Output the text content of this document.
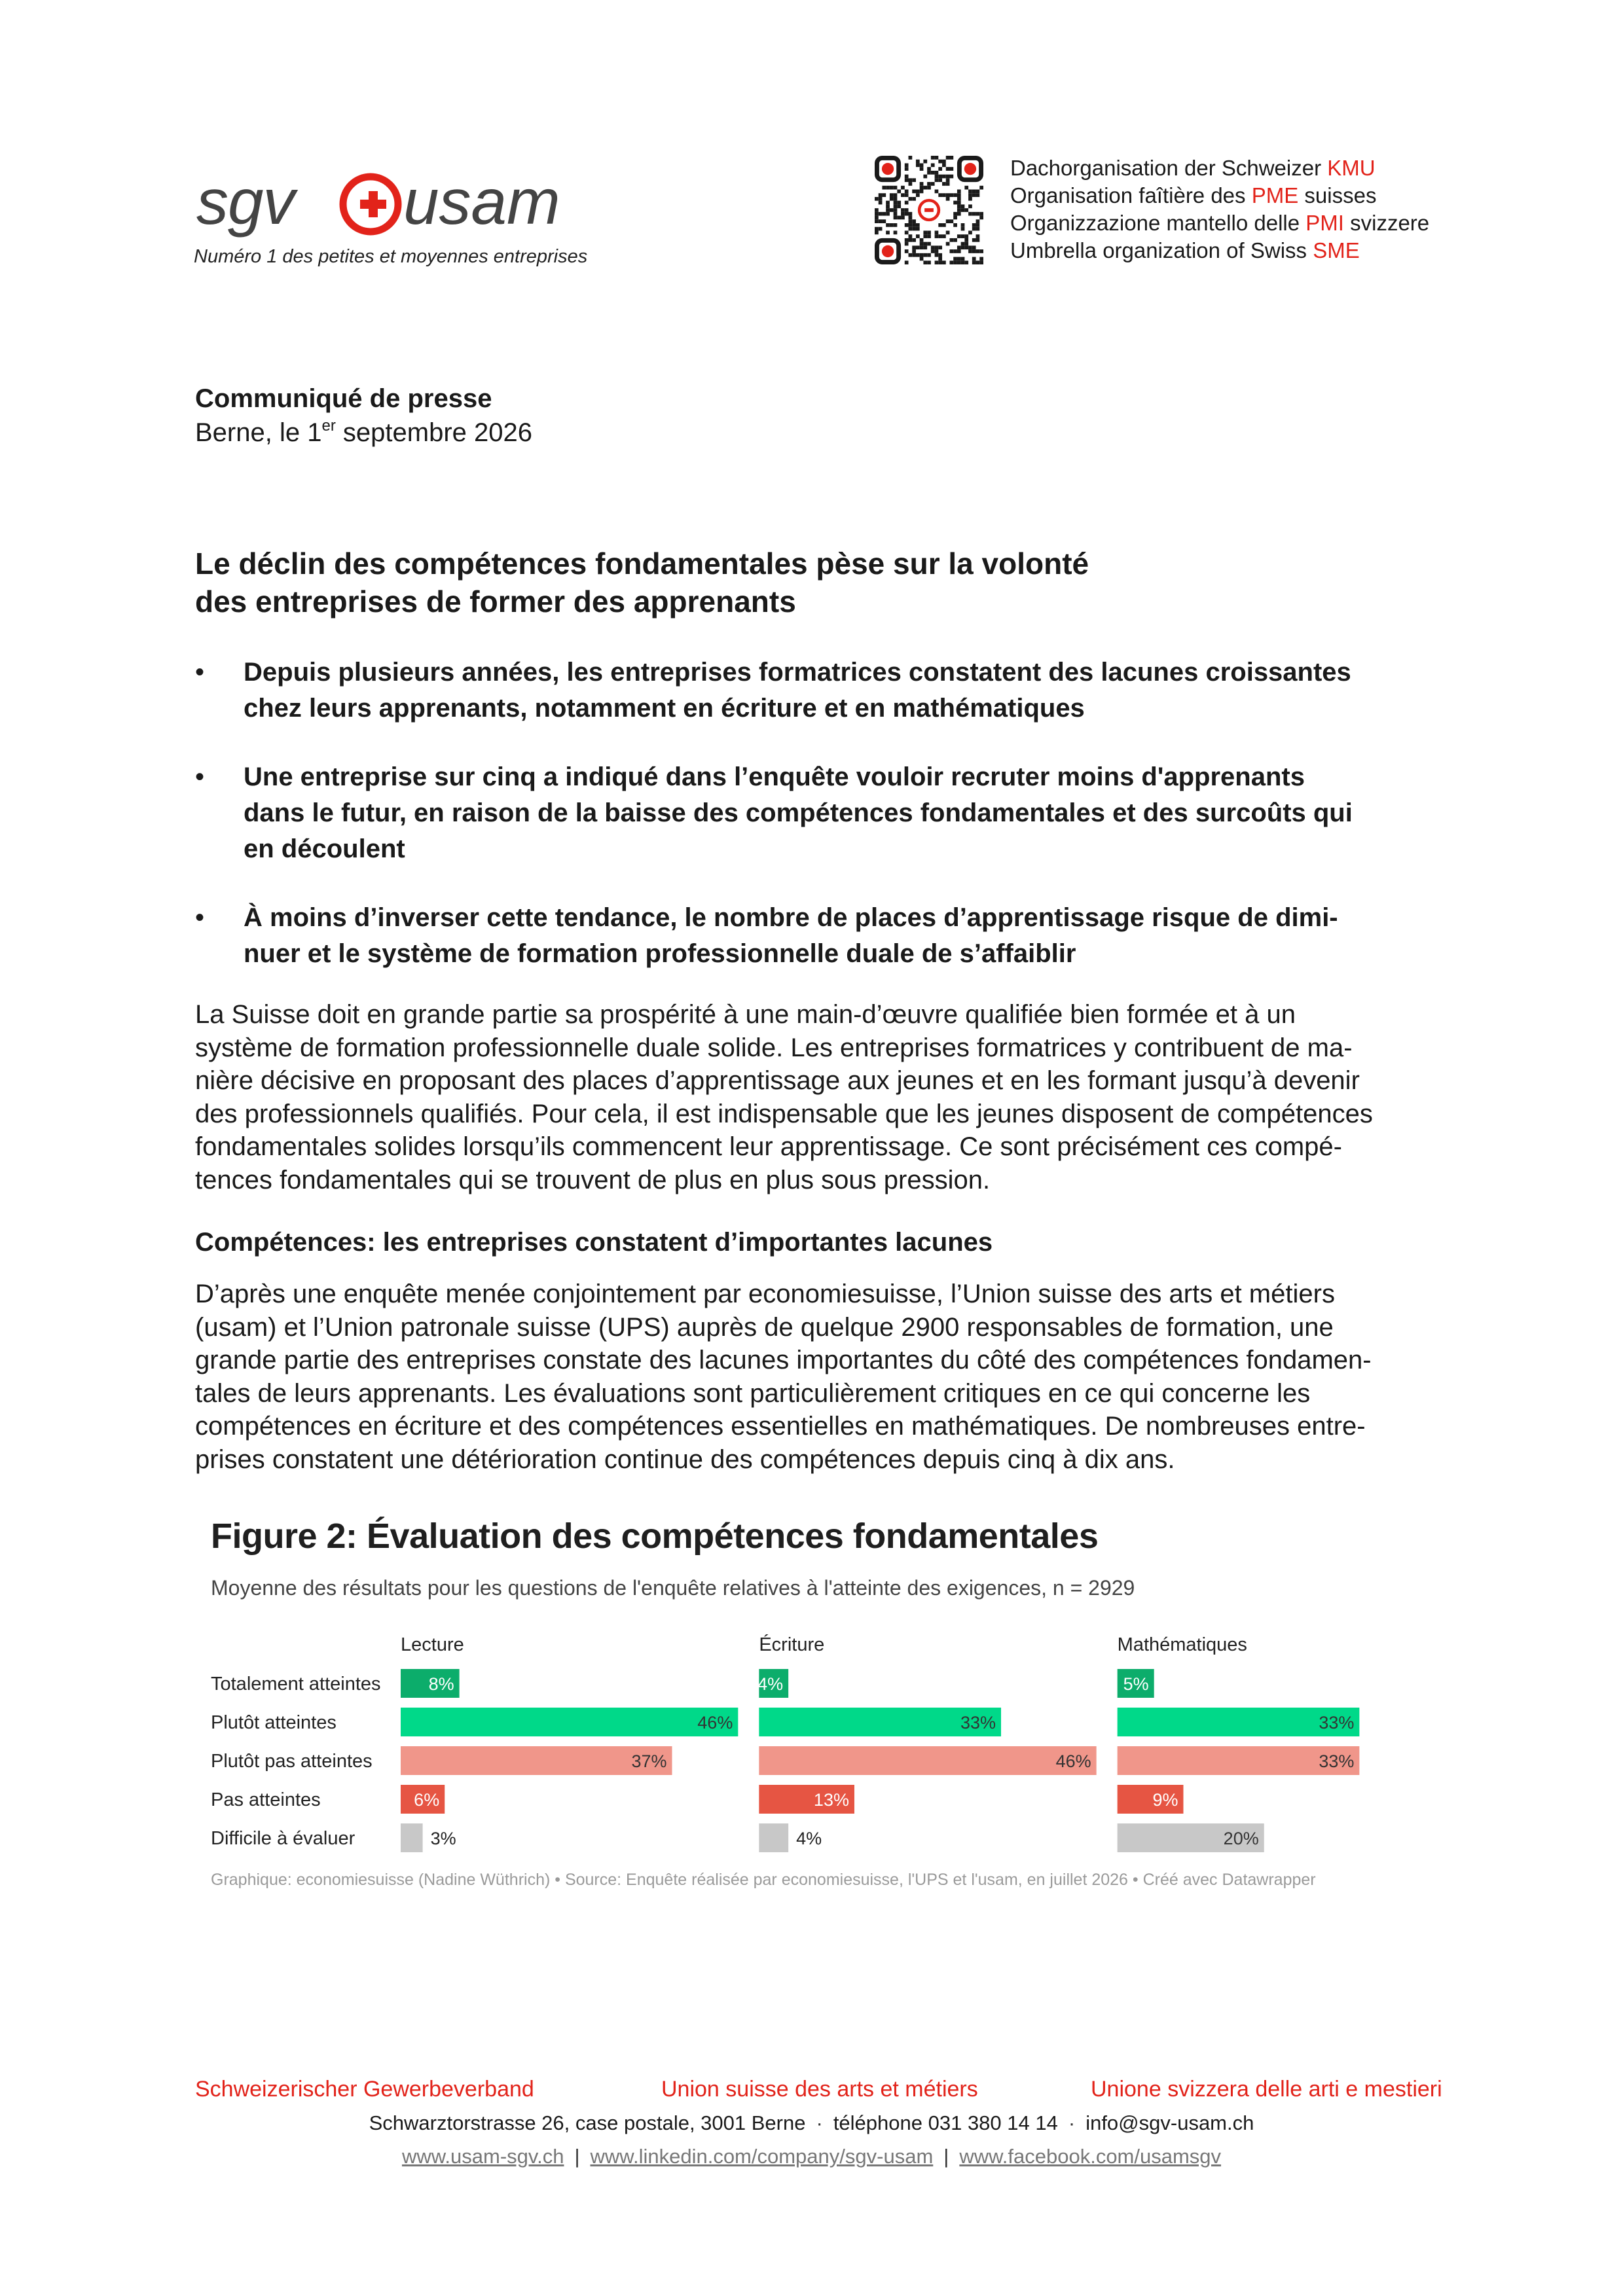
sgv usam
Numéro 1 des petites et moyennes entreprises
Dachorganisation der Schweizer KMU
Organisation faîtière des PME suisses
Organizzazione mantello delle PMI svizzere
Umbrella organization of Swiss SME
Communiqué de presse
Berne, le 1er septembre 2026
Le déclin des compétences fondamentales pèse sur la volonté
des entreprises de former des apprenants
• Depuis plusieurs années, les entreprises formatrices constatent des lacunes croissantes
chez leurs apprenants, notamment en écriture et en mathématiques
• Une entreprise sur cinq a indiqué dans l’enquête vouloir recruter moins d'apprenants
dans le futur, en raison de la baisse des compétences fondamentales et des surcoûts qui
en découlent
• À moins d’inverser cette tendance, le nombre de places d’apprentissage risque de dimi-
nuer et le système de formation professionnelle duale de s’affaiblir

La Suisse doit en grande partie sa prospérité à une main-d’œuvre qualifiée bien formée et à un
système de formation professionnelle duale solide. Les entreprises formatrices y contribuent de ma-
nière décisive en proposant des places d’apprentissage aux jeunes et en les formant jusqu’à devenir
des professionnels qualifiés. Pour cela, il est indispensable que les jeunes disposent de compétences
fondamentales solides lorsqu’ils commencent leur apprentissage. Ce sont précisément ces compé-
tences fondamentales qui se trouvent de plus en plus sous pression.

Compétences: les entreprises constatent d’importantes lacunes

D’après une enquête menée conjointement par economiesuisse, l’Union suisse des arts et métiers
(usam) et l’Union patronale suisse (UPS) auprès de quelque 2900 responsables de formation, une
grande partie des entreprises constate des lacunes importantes du côté des compétences fondamen-
tales de leurs apprenants. Les évaluations sont particulièrement critiques en ce qui concerne les
compétences en écriture et des compétences essentielles en mathématiques. De nombreuses entre-
prises constatent une détérioration continue des compétences depuis cinq à dix ans.

Figure 2: Évaluation des compétences fondamentales
Moyenne des résultats pour les questions de l'enquête relatives à l'atteinte des exigences, n = 2929
Totalement atteintes
Plutôt atteintes
Plutôt pas atteintes
Pas atteintes
Difficile à évaluer
Lecture
8%
46%
37%
6%
3%
Écriture
4%
33%
46%
13%
4%
Mathématiques
5%
33%
33%
9%
20%
Graphique: economiesuisse (Nadine Wüthrich) • Source: Enquête réalisée par economiesuisse, l'UPS et l'usam, en juillet 2026 • Créé avec Datawrapper
Schweizerischer Gewerbeverband	Union suisse des arts et métiers	Unione svizzera delle arti e mestieri
Schwarztorstrasse 26, case postale, 3001 Berne · téléphone 031 380 14 14 · info@sgv-usam.ch
www.usam-sgv.ch | www.linkedin.com/company/sgv-usam | www.facebook.com/usamsgv
